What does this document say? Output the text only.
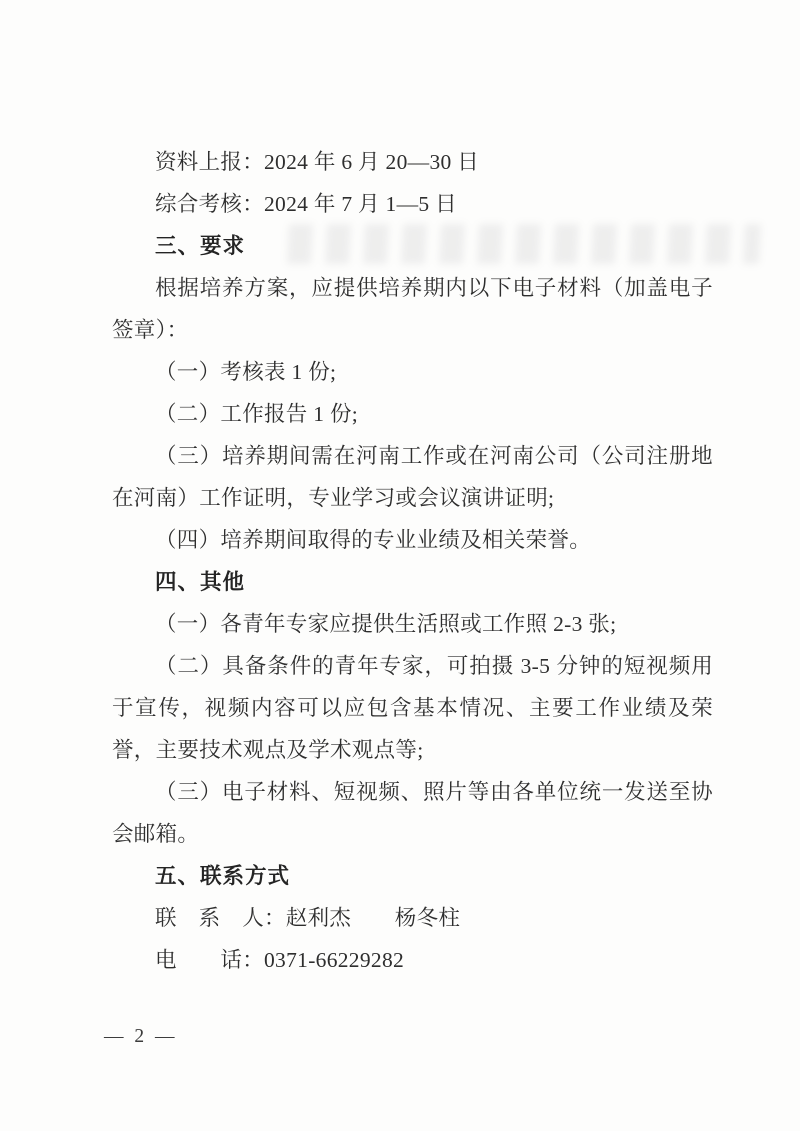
资料上报：2024 年 6 月 20—30 日

综合考核：2024 年 7 月 1—5 日

三、要求

根据培养方案，应提供培养期内以下电子材料（加盖电子签章）：

（一）考核表 1 份;

（二）工作报告 1 份;

（三）培养期间需在河南工作或在河南公司（公司注册地在河南）工作证明，专业学习或会议演讲证明;

（四）培养期间取得的专业业绩及相关荣誉。

四、其他

（一）各青年专家应提供生活照或工作照 2-3 张;

（二）具备条件的青年专家，可拍摄 3-5 分钟的短视频用于宣传，视频内容可以应包含基本情况、主要工作业绩及荣誉，主要技术观点及学术观点等;

（三）电子材料、短视频、照片等由各单位统一发送至协会邮箱。

五、联系方式

联　系　人：赵利杰　　杨冬柱

电　　话：0371-66229282

— 2 —
